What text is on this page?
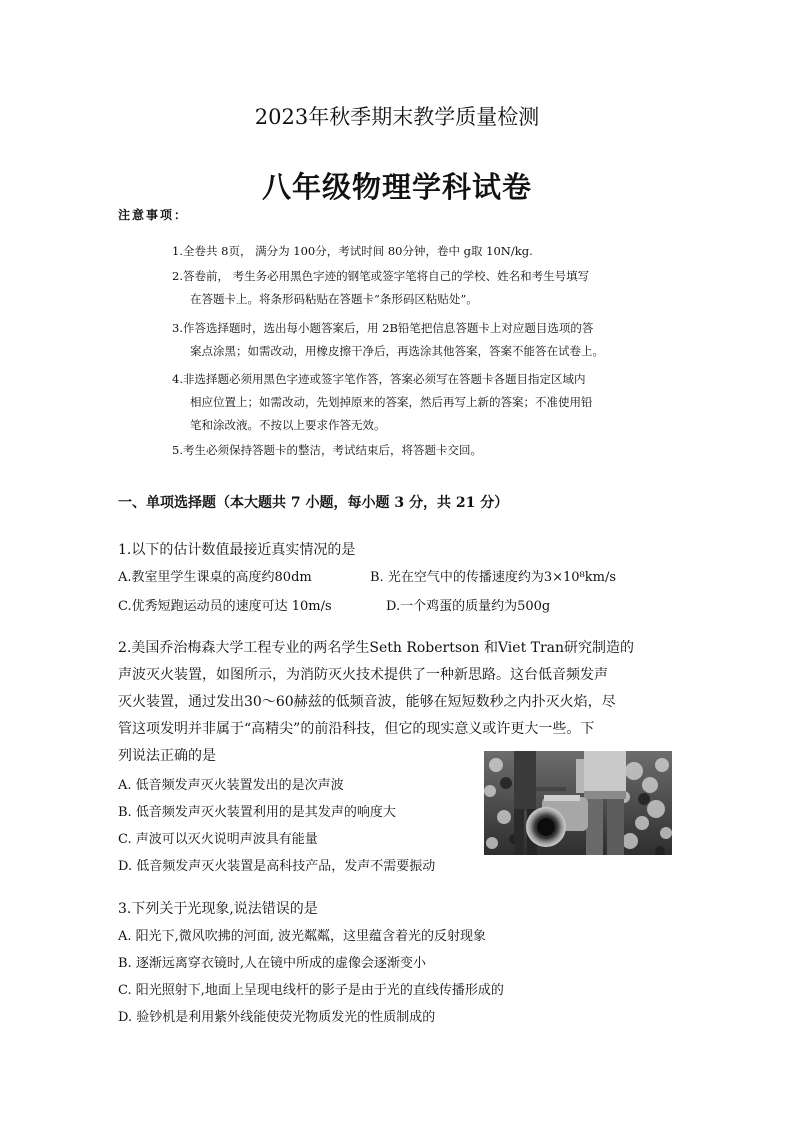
2023年秋季期末教学质量检测
八年级物理学科试卷
注意事项：
1.全卷共 8页， 满分为 100分，考试时间 80分钟，卷中 g取 10N/kg.
2.答卷前， 考生务必用黑色字迹的钢笔或签字笔将自己的学校、姓名和考生号填写
在答题卡上。将条形码粘贴在答题卡“条形码区粘贴处”。
3.作答选择题时，选出每小题答案后，用 2B铅笔把信息答题卡上对应题目选项的答
案点涂黑；如需改动，用橡皮擦干净后，再选涂其他答案，答案不能答在试卷上。
4.非选择题必须用黑色字迹或签字笔作答，答案必须写在答题卡各题目指定区域内
相应位置上；如需改动，先划掉原来的答案，然后再写上新的答案；不准使用铅
笔和涂改液。不按以上要求作答无效。
5.考生必须保持答题卡的整洁，考试结束后，将答题卡交回。
一、单项选择题（本大题共 7 小题，每小题 3 分，共 21 分）
1.以下的估计数值最接近真实情况的是
A.教室里学生课桌的高度约80dm	B. 光在空气中的传播速度约为3×10⁸km/s
C.优秀短跑运动员的速度可达 10m/s	D.一个鸡蛋的质量约为500g
2.美国乔治梅森大学工程专业的两名学生Seth Robertson 和Viet Tran研究制造的
声波灭火装置，如图所示，为消防灭火技术提供了一种新思路。这台低音频发声
灭火装置，通过发出30～60赫兹的低频音波，能够在短短数秒之内扑灭火焰，尽
管这项发明并非属于“高精尖”的前沿科技，但它的现实意义或许更大一些。下
列说法正确的是
A. 低音频发声灭火装置发出的是次声波
B. 低音频发声灭火装置利用的是其发声的响度大
C. 声波可以灭火说明声波具有能量
D. 低音频发声灭火装置是高科技产品，发声不需要振动
3.下列关于光现象,说法错误的是
A. 阳光下,微风吹拂的河面, 波光粼粼，这里蕴含着光的反射现象
B. 逐渐远离穿衣镜时,人在镜中所成的虚像会逐渐变小
C. 阳光照射下,地面上呈现电线杆的影子是由于光的直线传播形成的
D. 验钞机是利用紫外线能使荧光物质发光的性质制成的
